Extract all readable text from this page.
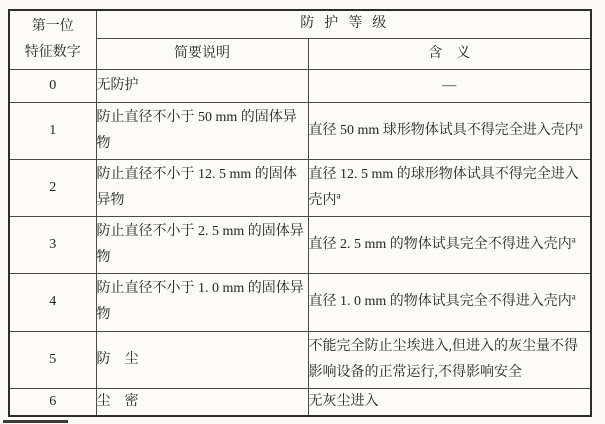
第一位
特征数字	防护等级	
	简要说明	含　义
0	无防护	—
1	防止直径不小于 50 mm 的固体异物	直径 50 mm 球形物体试具不得完全进入壳内$^a$
2	防止直径不小于 12. 5 mm 的固体异物	直径 12. 5 mm 的球形物体试具不得完全进入壳内$^a$
3	防止直径不小于 2. 5 mm 的固体异物	直径 2. 5 mm 的物体试具完全不得进入壳内$^a$
4	防止直径不小于 1. 0 mm 的固体异物	直径 1. 0 mm 的物体试具完全不得进入壳内$^a$
5	防　尘	不能完全防止尘埃进入,但进入的灰尘量不得影响设备的正常运行,不得影响安全
6	尘　密	无灰尘进入
